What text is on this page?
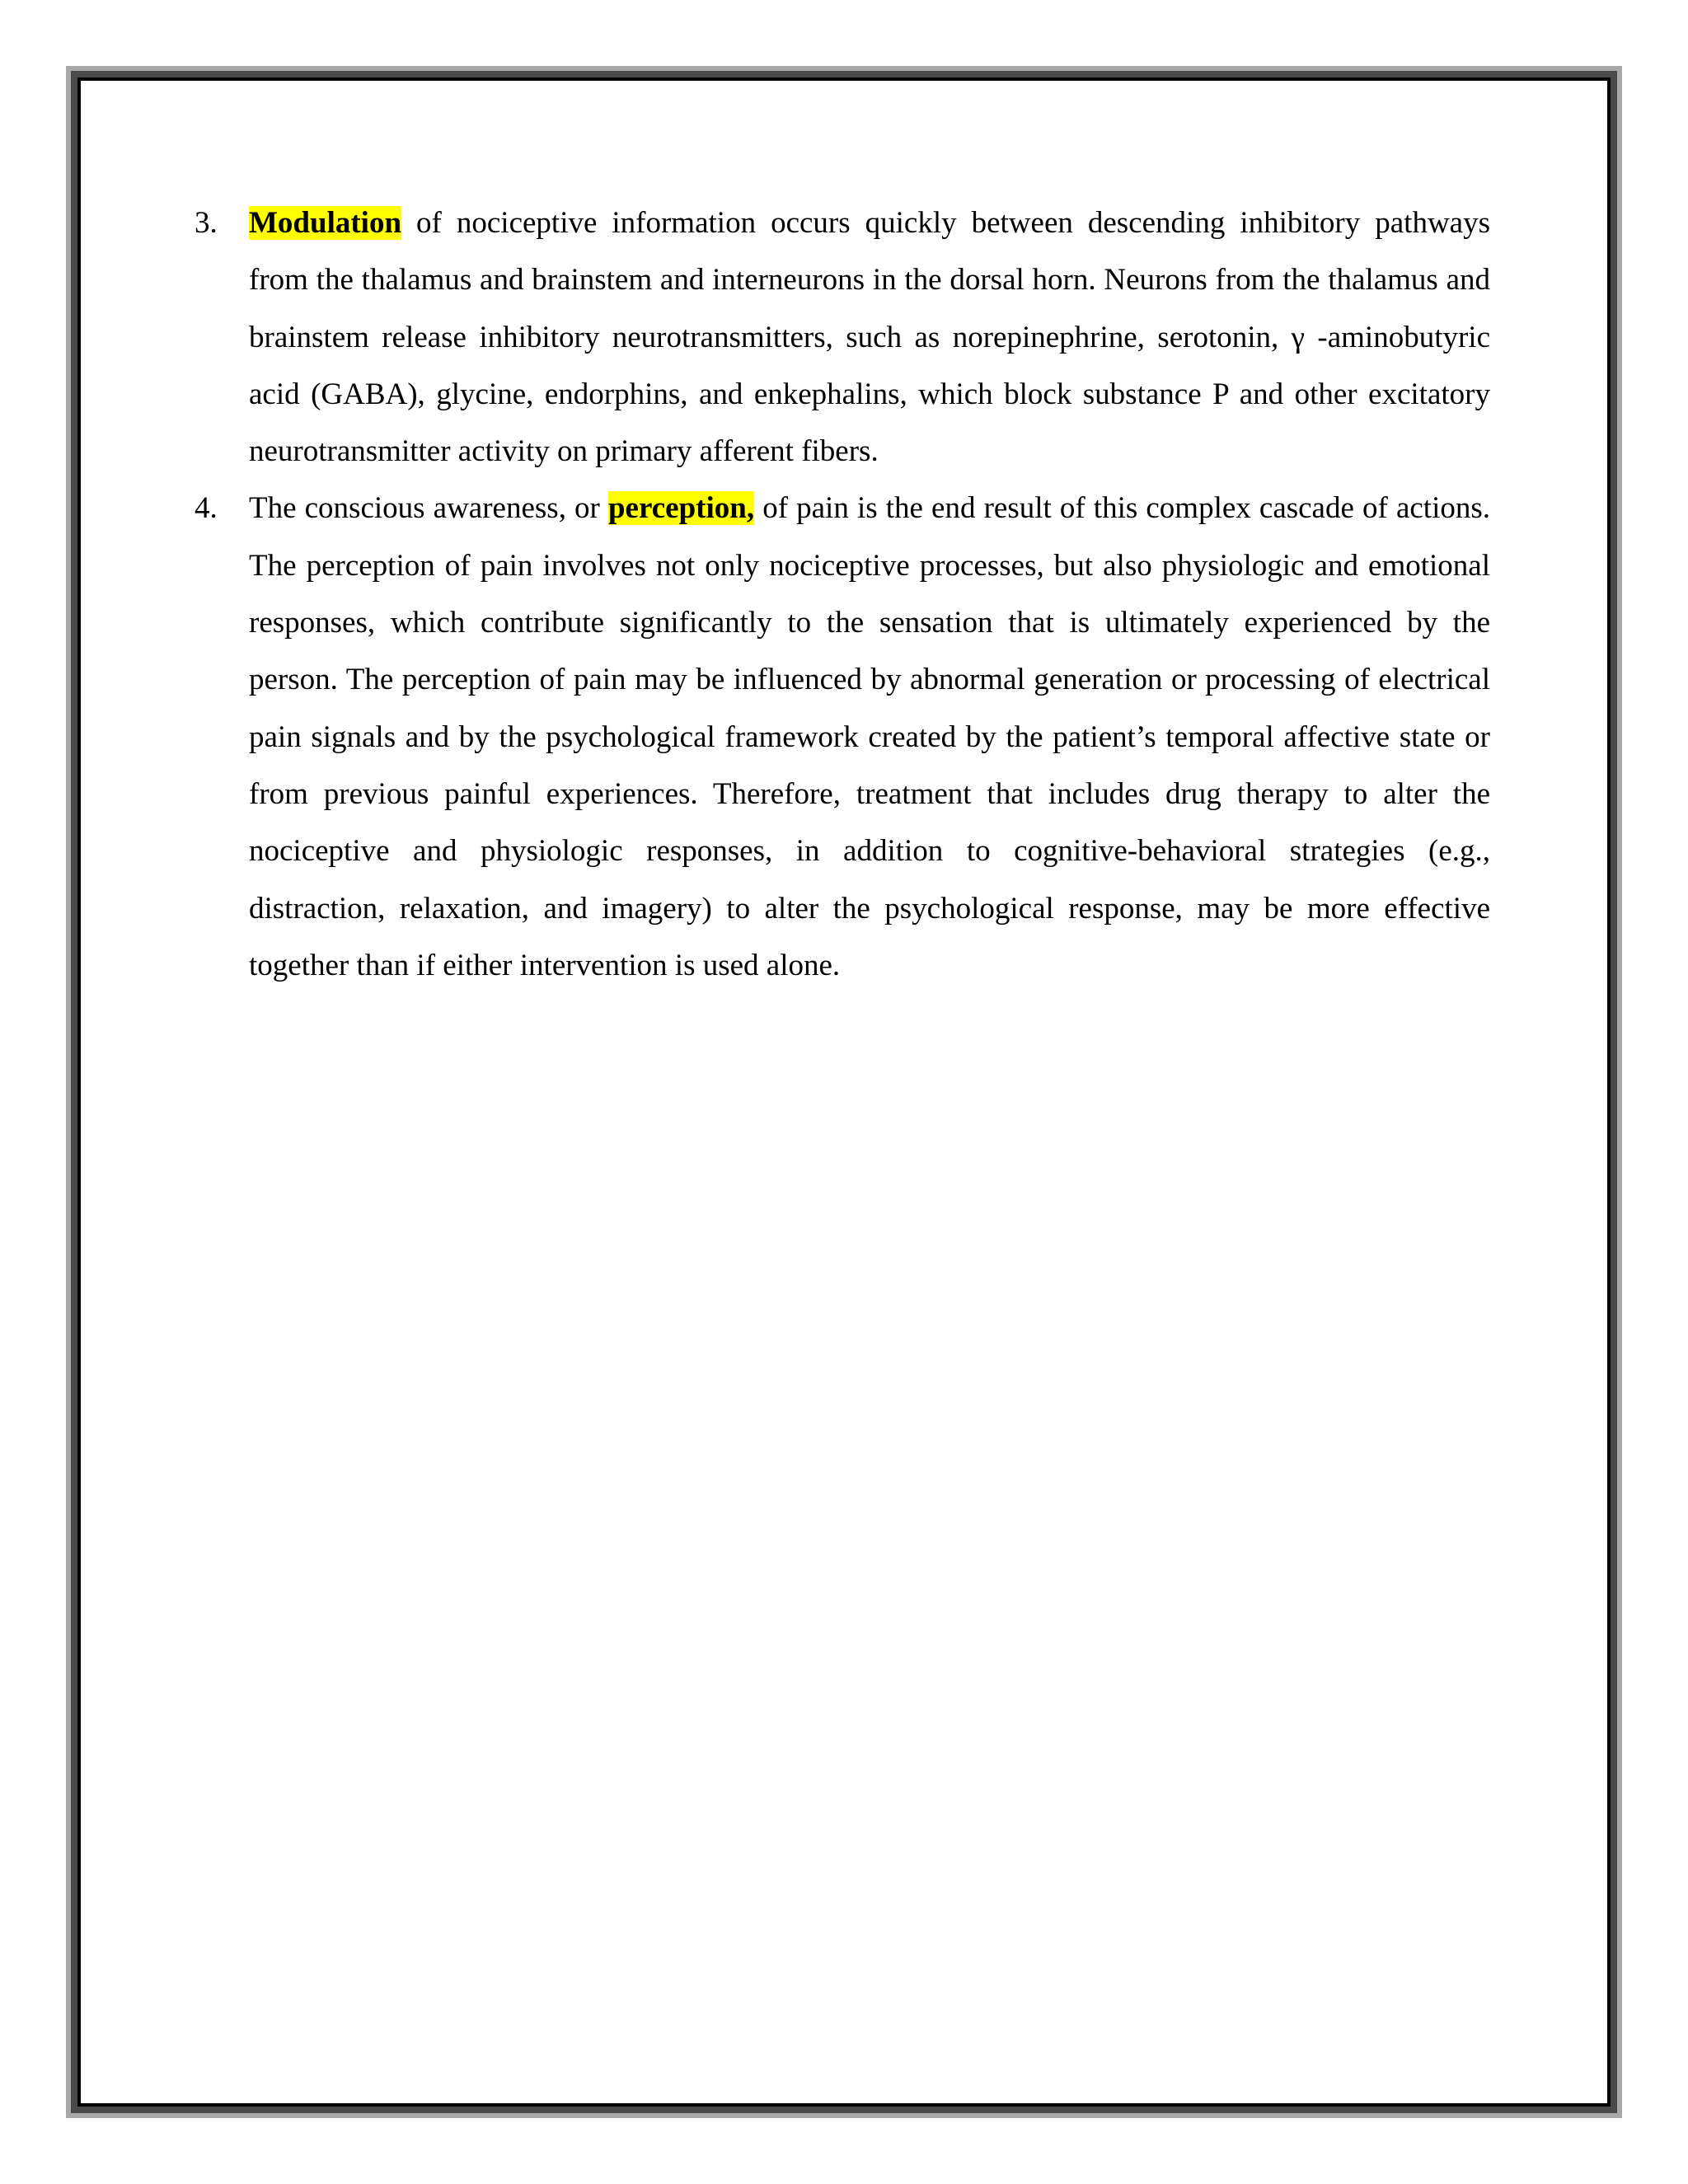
3. Modulation of nociceptive information occurs quickly between descending inhibitory pathways from the thalamus and brainstem and interneurons in the dorsal horn. Neurons from the thalamus and brainstem release inhibitory neurotransmitters, such as norepinephrine, serotonin, γ -aminobutyric acid (GABA), glycine, endorphins, and enkephalins, which block substance P and other excitatory neurotransmitter activity on primary afferent fibers.
4. The conscious awareness, or perception, of pain is the end result of this complex cascade of actions. The perception of pain involves not only nociceptive processes, but also physiologic and emotional responses, which contribute significantly to the sensation that is ultimately experienced by the person. The perception of pain may be influenced by abnormal generation or processing of electrical pain signals and by the psychological framework created by the patient’s temporal affective state or from previous painful experiences. Therefore, treatment that includes drug therapy to alter the nociceptive and physiologic responses, in addition to cognitive-behavioral strategies (e.g., distraction, relaxation, and imagery) to alter the psychological response, may be more effective together than if either intervention is used alone.
